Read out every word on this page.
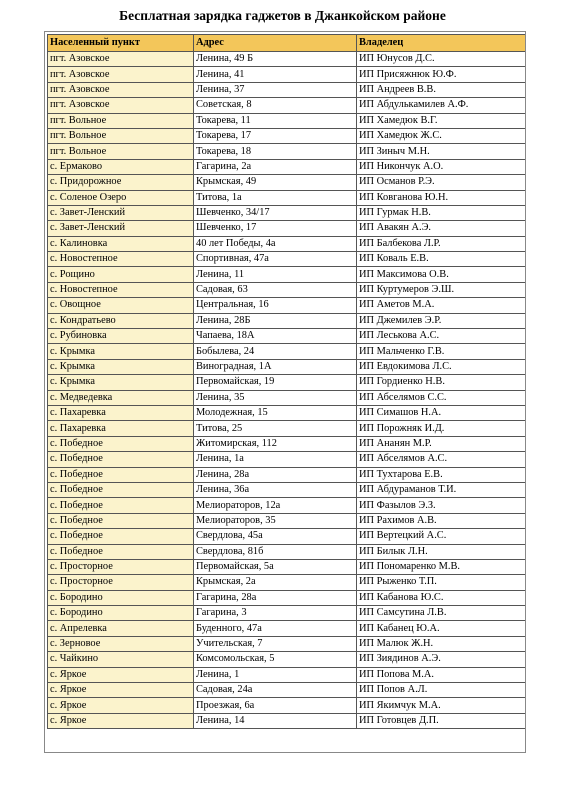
Бесплатная зарядка гаджетов в Джанкойском районе
Населенный пункт	Адрес	Владелец
пгт. Азовское	Ленина, 49 Б	ИП Юнусов Д.С.
пгт. Азовское	Ленина, 41	ИП Присяжнюк Ю.Ф.
пгт. Азовское	Ленина, 37	ИП Андреев В.В.
пгт. Азовское	Советская, 8	ИП Абдулькамилев А.Ф.
пгт. Вольное	Токарева, 11	ИП Хамедюк В.Г.
пгт. Вольное	Токарева, 17	ИП Хамедюк Ж.С.
пгт. Вольное	Токарева, 18	ИП Зиныч М.Н.
с. Ермаково	Гагарина, 2а	ИП Никончук А.О.
с. Придорожное	Крымская, 49	ИП Османов Р.Э.
с. Соленое Озеро	Титова, 1а	ИП Ковганова Ю.Н.
с. Завет-Ленский	Шевченко, 34/17	ИП Гурмак Н.В.
с. Завет-Ленский	Шевченко, 17	ИП Авакян А.Э.
с. Калиновка	40 лет Победы, 4а	ИП Балбекова Л.Р.
с. Новостепное	Спортивная, 47а	ИП Коваль Е.В.
с. Рощино	Ленина, 11	ИП Максимова О.В.
с. Новостепное	Садовая, 63	ИП Куртумеров Э.Ш.
с. Овощное	Центральная, 16	ИП Аметов М.А.
с. Кондратьево	Ленина, 28Б	ИП Джемилев Э.Р.
с. Рубиновка	Чапаева, 18А	ИП Леськова А.С.
с. Крымка	Бобылева, 24	ИП Мальченко Г.В.
с. Крымка	Виноградная, 1А	ИП Евдокимова Л.С.
с. Крымка	Первомайская, 19	ИП Гордиенко Н.В.
с. Медведевка	Ленина, 35	ИП Абселямов С.С.
с. Пахаревка	Молодежная, 15	ИП Симашов Н.А.
с. Пахаревка	Титова, 25	ИП Порожняк И.Д.
с. Победное	Житомирская, 112	ИП Ананян М.Р.
с. Победное	Ленина, 1а	ИП Абселямов А.С.
с. Победное	Ленина, 28а	ИП Тухтарова Е.В.
с. Победное	Ленина, 36а	ИП Абдураманов Т.И.
с. Победное	Мелиораторов, 12а	ИП Фазылов Э.З.
с. Победное	Мелиораторов, 35	ИП Рахимов А.В.
с. Победное	Свердлова, 45а	ИП Вертецкий А.С.
с. Победное	Свердлова, 81б	ИП Билык Л.Н.
с. Просторное	Первомайская, 5а	ИП Пономаренко М.В.
с. Просторное	Крымская, 2а	ИП Рыженко Т.П.
с. Бородино	Гагарина, 28а	ИП Кабанова Ю.С.
с. Бородино	Гагарина, 3	ИП Самсутина Л.В.
с. Апрелевка	Буденного, 47а	ИП Кабанец Ю.А.
с. Зерновое	Учительская, 7	ИП Малюк Ж.Н.
с. Чайкино	Комсомольская, 5	ИП Зиядинов А.Э.
с. Яркое	Ленина, 1	ИП Попова М.А.
с. Яркое	Садовая, 24а	ИП Попов А.Л.
с. Яркое	Проезжая, 6а	ИП Якимчук М.А.
с. Яркое	Ленина, 14	ИП Готовцев Д.П.
